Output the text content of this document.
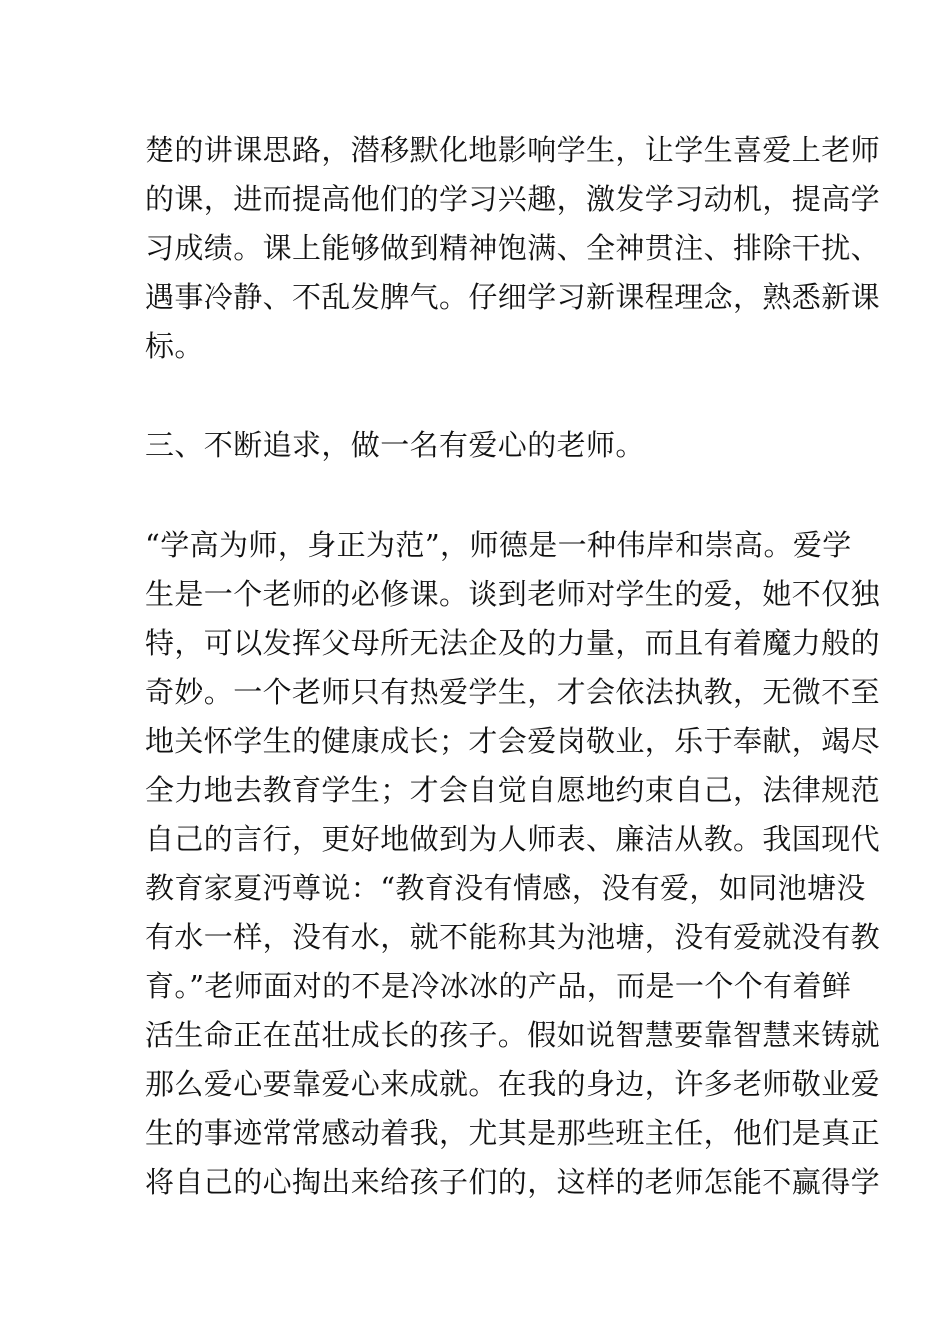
楚的讲课思路，潜移默化地影响学生，让学生喜爱上老师
的课，进而提高他们的学习兴趣，激发学习动机，提高学
习成绩。课上能够做到精神饱满、全神贯注、排除干扰、
遇事冷静、不乱发脾气。仔细学习新课程理念，熟悉新课
标。
三、不断追求，做一名有爱心的老师。
“学高为师，身正为范”，师德是一种伟岸和崇高。爱学
生是一个老师的必修课。谈到老师对学生的爱，她不仅独
特，可以发挥父母所无法企及的力量，而且有着魔力般的
奇妙。一个老师只有热爱学生，才会依法执教，无微不至
地关怀学生的健康成长；才会爱岗敬业，乐于奉献，竭尽
全力地去教育学生；才会自觉自愿地约束自己，法律规范
自己的言行，更好地做到为人师表、廉洁从教。我国现代
教育家夏沔尊说：“教育没有情感，没有爱，如同池塘没
有水一样，没有水，就不能称其为池塘，没有爱就没有教
育。”老师面对的不是冷冰冰的产品，而是一个个有着鲜
活生命正在茁壮成长的孩子。假如说智慧要靠智慧来铸就
那么爱心要靠爱心来成就。在我的身边，许多老师敬业爱
生的事迹常常感动着我，尤其是那些班主任，他们是真正
将自己的心掏出来给孩子们的，这样的老师怎能不赢得学
